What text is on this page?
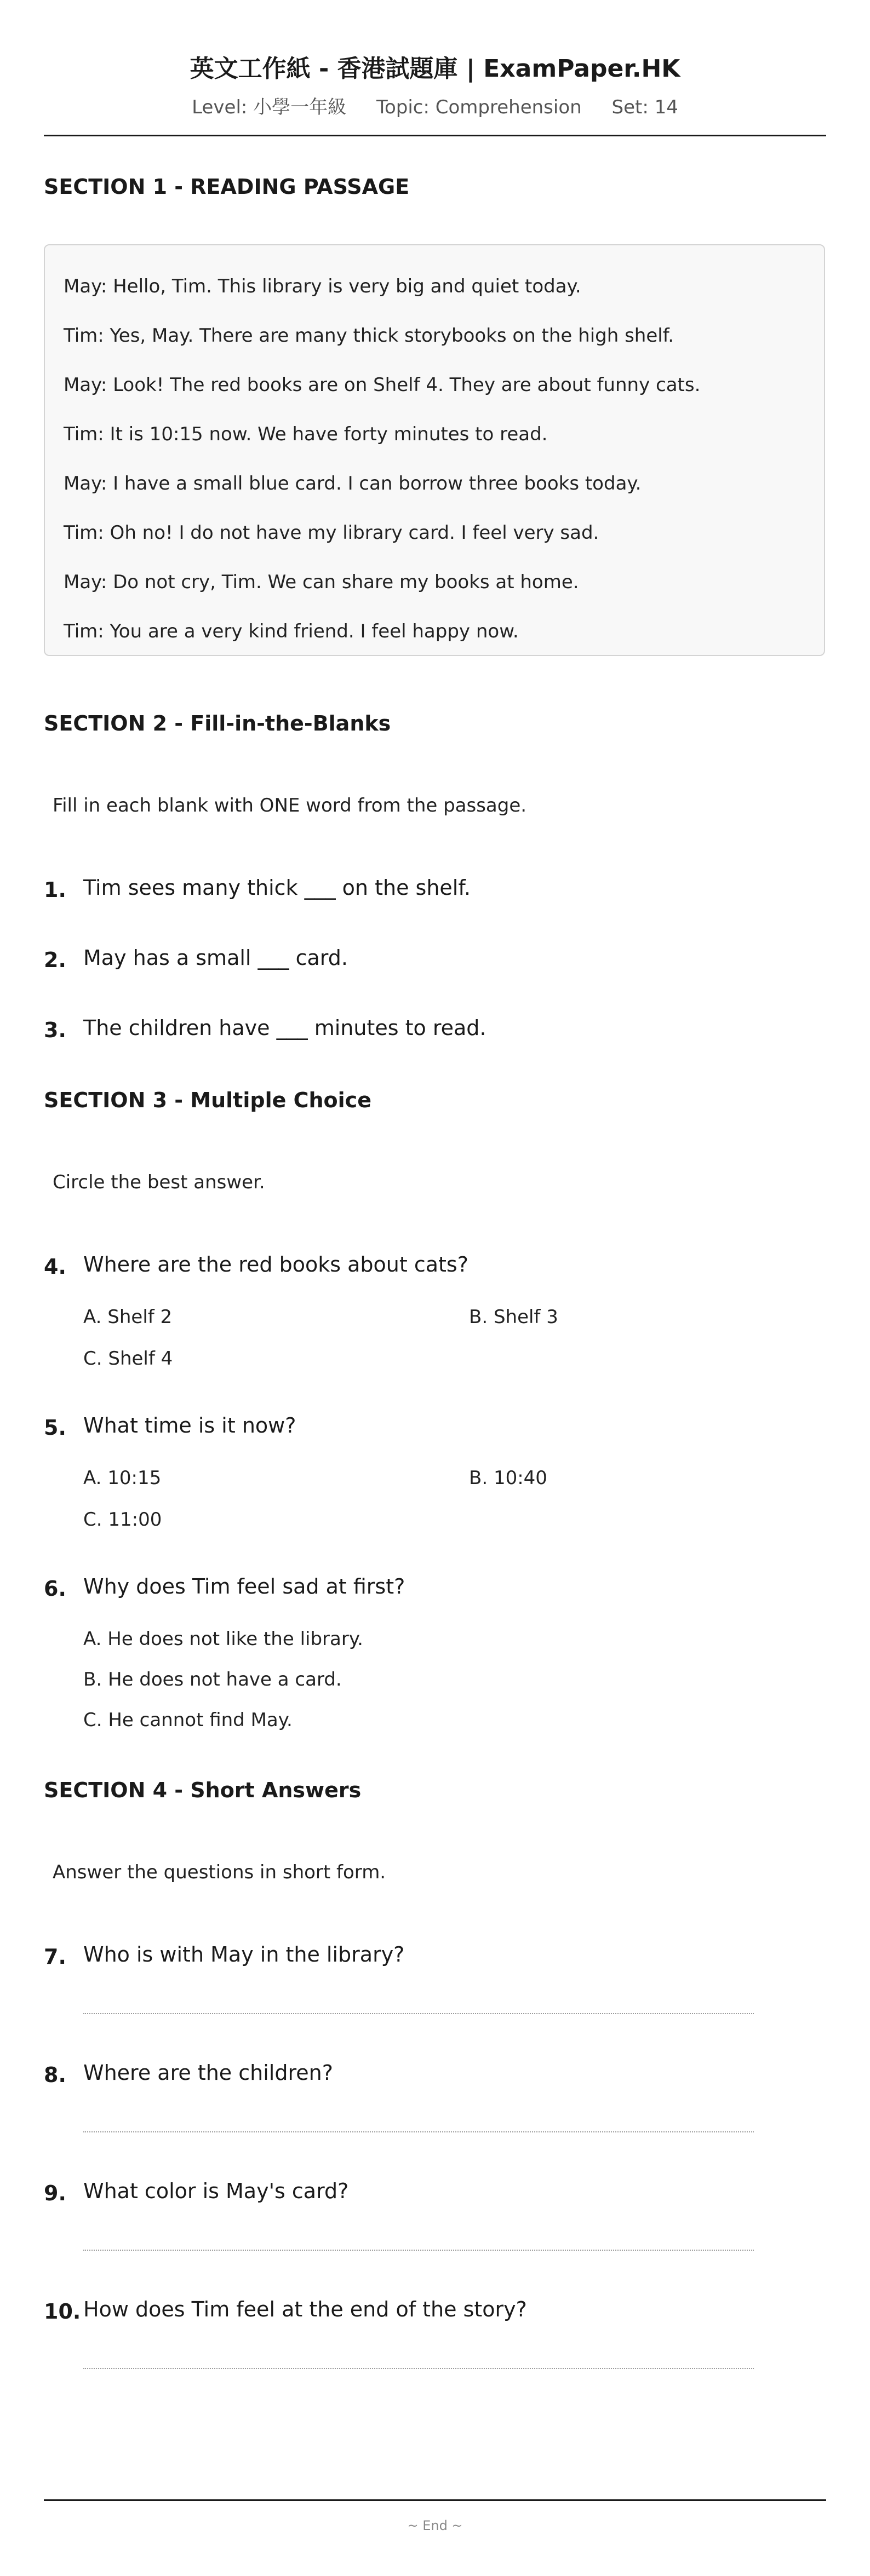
英文工作紙 - 香港試題庫 | ExamPaper.HK
Level: 小學一年級 Topic: Comprehension Set: 14
SECTION 1 - READING PASSAGE
May: Hello, Tim. This library is very big and quiet today.
Tim: Yes, May. There are many thick storybooks on the high shelf.
May: Look! The red books are on Shelf 4. They are about funny cats.
Tim: It is 10:15 now. We have forty minutes to read.
May: I have a small blue card. I can borrow three books today.
Tim: Oh no! I do not have my library card. I feel very sad.
May: Do not cry, Tim. We can share my books at home.
Tim: You are a very kind friend. I feel happy now.
SECTION 2 - Fill-in-the-Blanks
Fill in each blank with ONE word from the passage.
1. Tim sees many thick ___ on the shelf.
2. May has a small ___ card.
3. The children have ___ minutes to read.
SECTION 3 - Multiple Choice
Circle the best answer.
4. Where are the red books about cats?
A. Shelf 2	B. Shelf 3
C. Shelf 4
5. What time is it now?
A. 10:15	B. 10:40
C. 11:00
6. Why does Tim feel sad at first?
A. He does not like the library.
B. He does not have a card.
C. He cannot find May.
SECTION 4 - Short Answers
Answer the questions in short form.
7. Who is with May in the library?
8. Where are the children?
9. What color is May's card?
10. How does Tim feel at the end of the story?
~ End ~
